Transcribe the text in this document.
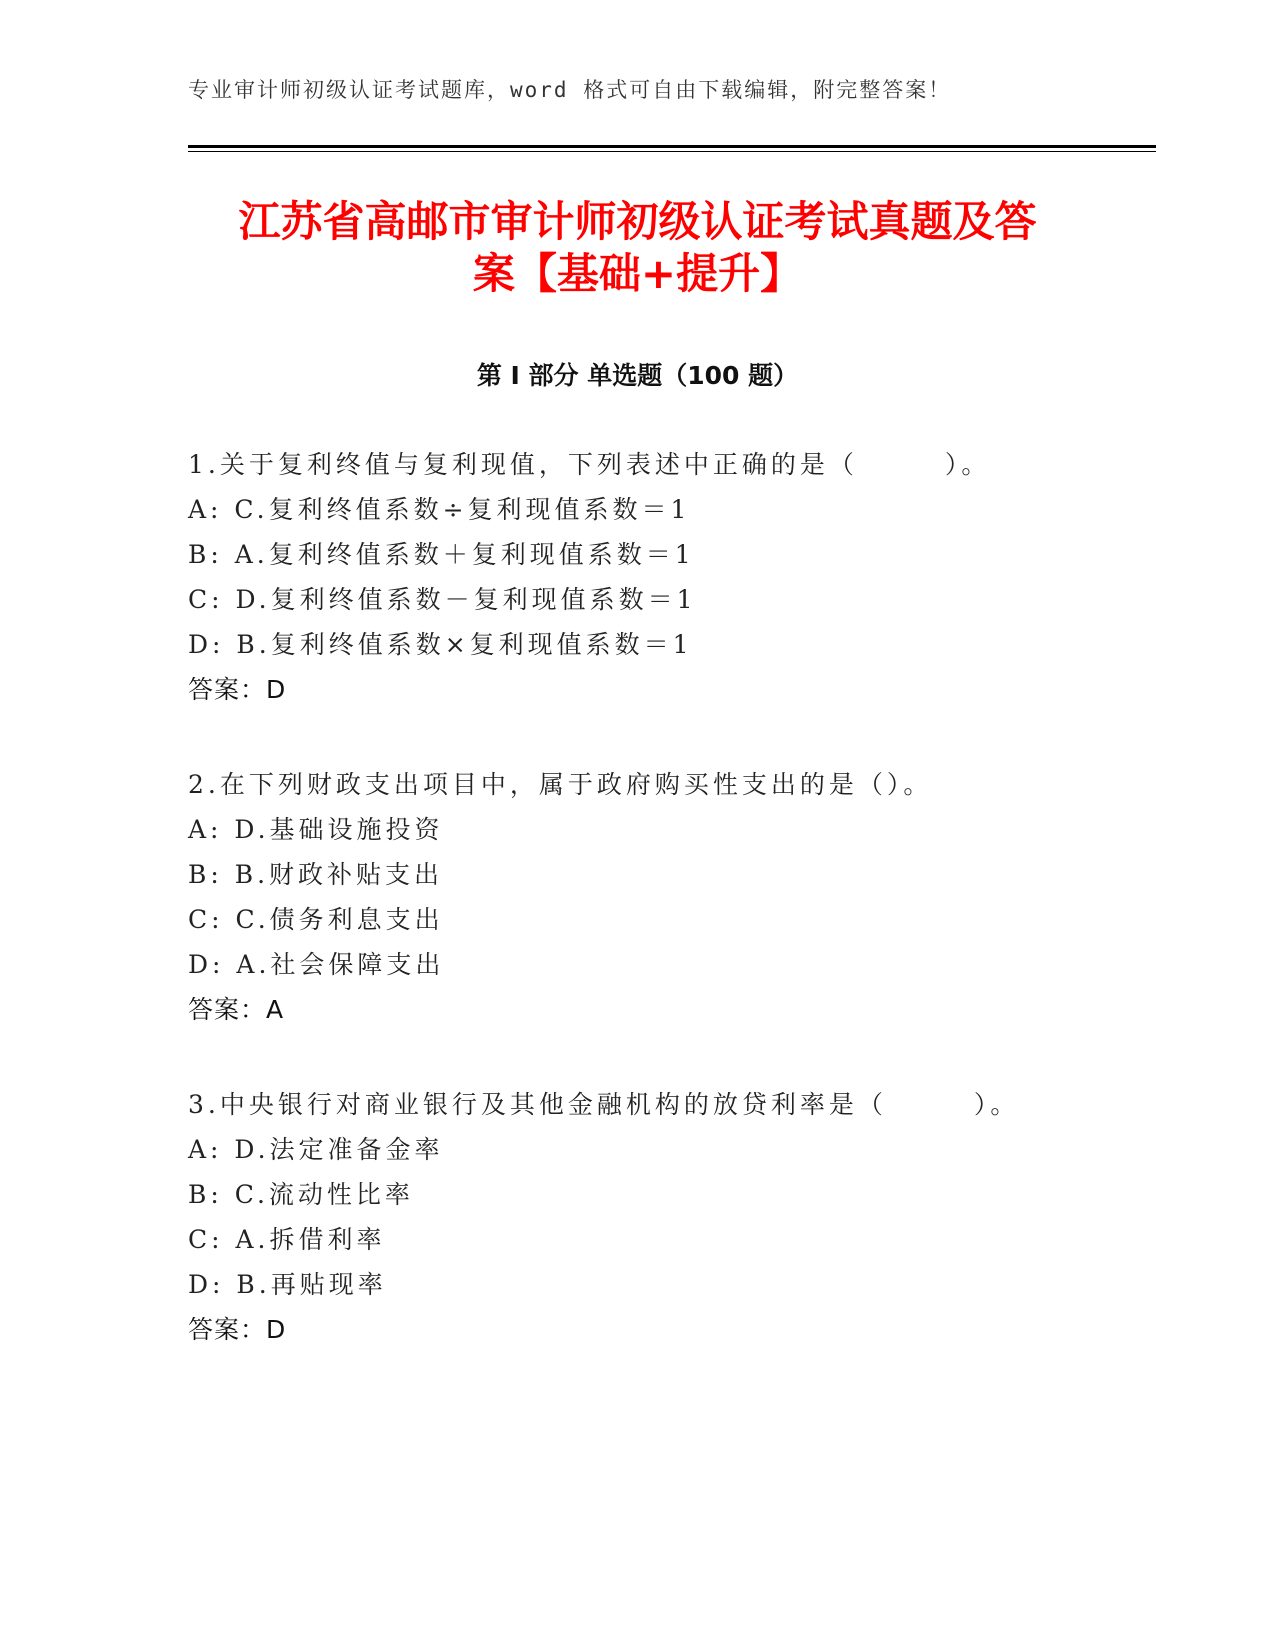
专业审计师初级认证考试题库，word 格式可自由下载编辑，附完整答案！
江苏省高邮市审计师初级认证考试真题及答
案【基础+提升】
第 I 部分 单选题（100 题）
1.关于复利终值与复利现值，下列表述中正确的是（　　　）。
A: C.复利终值系数÷复利现值系数＝1
B: A.复利终值系数＋复利现值系数＝1
C: D.复利终值系数－复利现值系数＝1
D: B.复利终值系数×复利现值系数＝1
答案：D
2.在下列财政支出项目中，属于政府购买性支出的是（）。
A: D.基础设施投资
B: B.财政补贴支出
C: C.债务利息支出
D: A.社会保障支出
答案：A
3.中央银行对商业银行及其他金融机构的放贷利率是（　　　）。
A: D.法定准备金率
B: C.流动性比率
C: A.拆借利率
D: B.再贴现率
答案：D
